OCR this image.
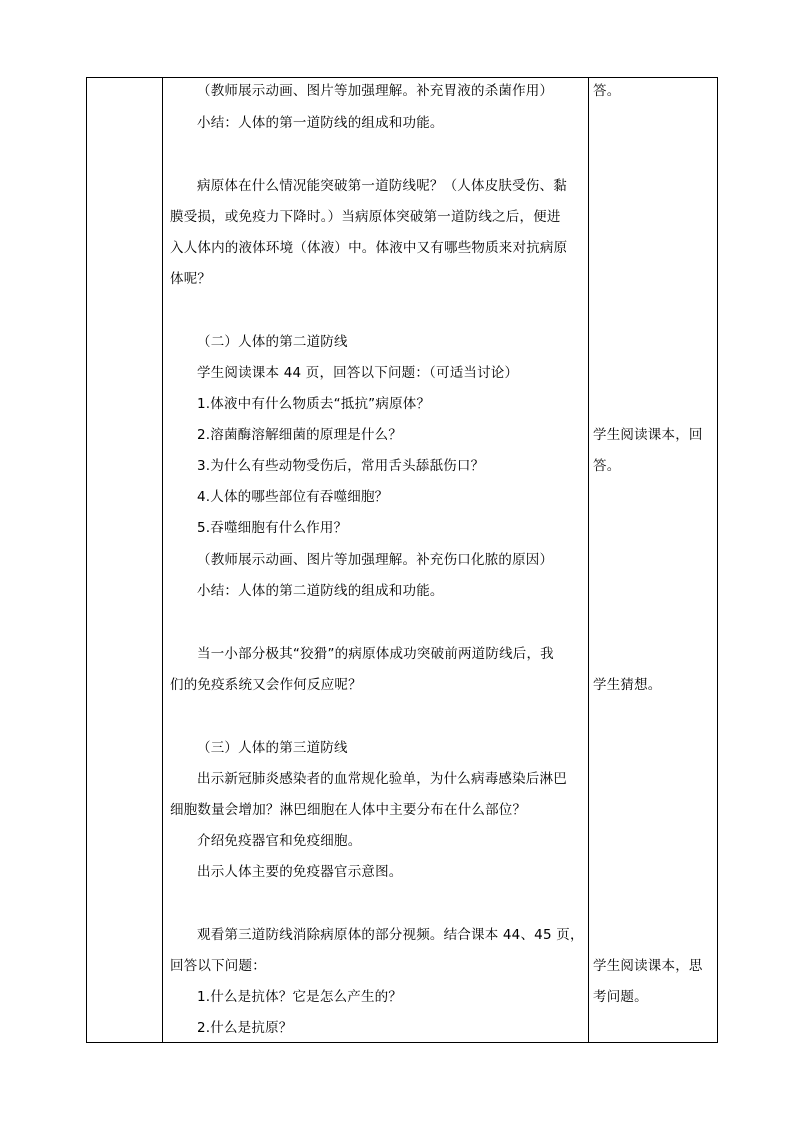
（教师展示动画、图片等加强理解。补充胃液的杀菌作用）
小结：人体的第一道防线的组成和功能。
病原体在什么情况能突破第一道防线呢？（人体皮肤受伤、黏
膜受损，或免疫力下降时。）当病原体突破第一道防线之后，便进
入人体内的液体环境（体液）中。体液中又有哪些物质来对抗病原
体呢？
（二）人体的第二道防线
学生阅读课本 44 页，回答以下问题：（可适当讨论）
1.体液中有什么物质去“抵抗”病原体？
2.溶菌酶溶解细菌的原理是什么？
3.为什么有些动物受伤后，常用舌头舔舐伤口？
4.人体的哪些部位有吞噬细胞？
5.吞噬细胞有什么作用？
（教师展示动画、图片等加强理解。补充伤口化脓的原因）
小结：人体的第二道防线的组成和功能。
当一小部分极其“狡猾”的病原体成功突破前两道防线后，我
们的免疫系统又会作何反应呢？
（三）人体的第三道防线
出示新冠肺炎感染者的血常规化验单，为什么病毒感染后淋巴
细胞数量会增加？淋巴细胞在人体中主要分布在什么部位？
介绍免疫器官和免疫细胞。
出示人体主要的免疫器官示意图。
观看第三道防线消除病原体的部分视频。结合课本 44、45 页，
回答以下问题：
1.什么是抗体？它是怎么产生的？
2.什么是抗原？
答。
学生阅读课本，回
答。
学生猜想。
学生阅读课本，思
考问题。
